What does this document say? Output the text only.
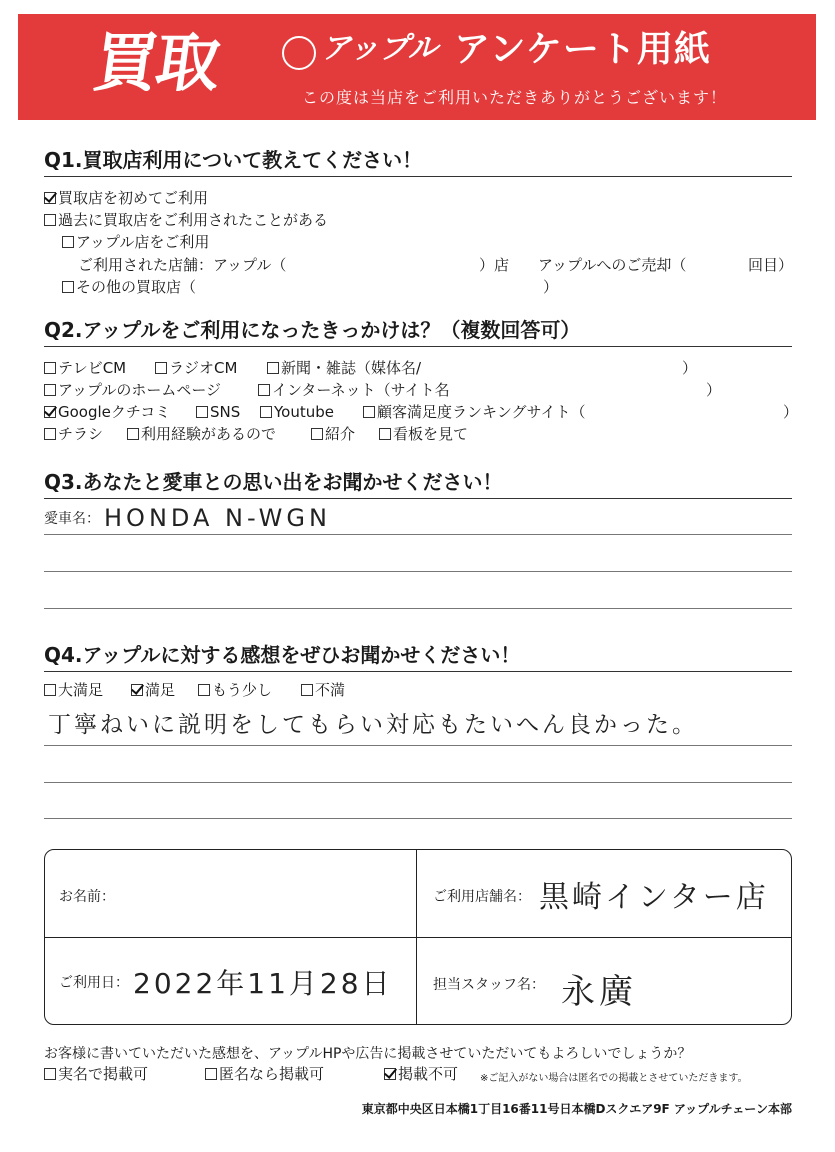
買取	アップル アンケート用紙
この度は当店をご利用いただきありがとうございます！
Q1.買取店利用について教えてください！
買取店を初めてご利用
過去に買取店をご利用されたことがある
アップル店をご利用
ご利用された店舗：アップル（	）店 アップルへのご売却（	回目）
その他の買取店（	）
Q2.アップルをご利用になったきっかけは？（複数回答可）
テレビCM	ラジオCM	新聞・雑誌（媒体名/	）
アップルのホームページ	インターネット（サイト名	）
Googleクチコミ	SNS	Youtube	顧客満足度ランキングサイト（	）
チラシ	利用経験があるので	紹介	看板を見て
Q3.あなたと愛車との思い出をお聞かせください！
愛車名： HONDA N-WGN
Q4.アップルに対する感想をぜひお聞かせください！
大満足	満足	もう少し	不満
丁寧ねいに説明をしてもらい対応もたいへん良かった。
お名前：	ご利用店舗名： 黒崎インター店
ご利用日： 2022年11月28日	担当スタッフ名： 永廣
お客様に書いていただいた感想を、アップルHPや広告に掲載させていただいてもよろしいでしょうか？
実名で掲載可	匿名なら掲載可	掲載不可 ※ご記入がない場合は匿名での掲載とさせていただきます。
東京都中央区日本橋1丁目16番11号日本橋Dスクエア9F アップルチェーン本部
